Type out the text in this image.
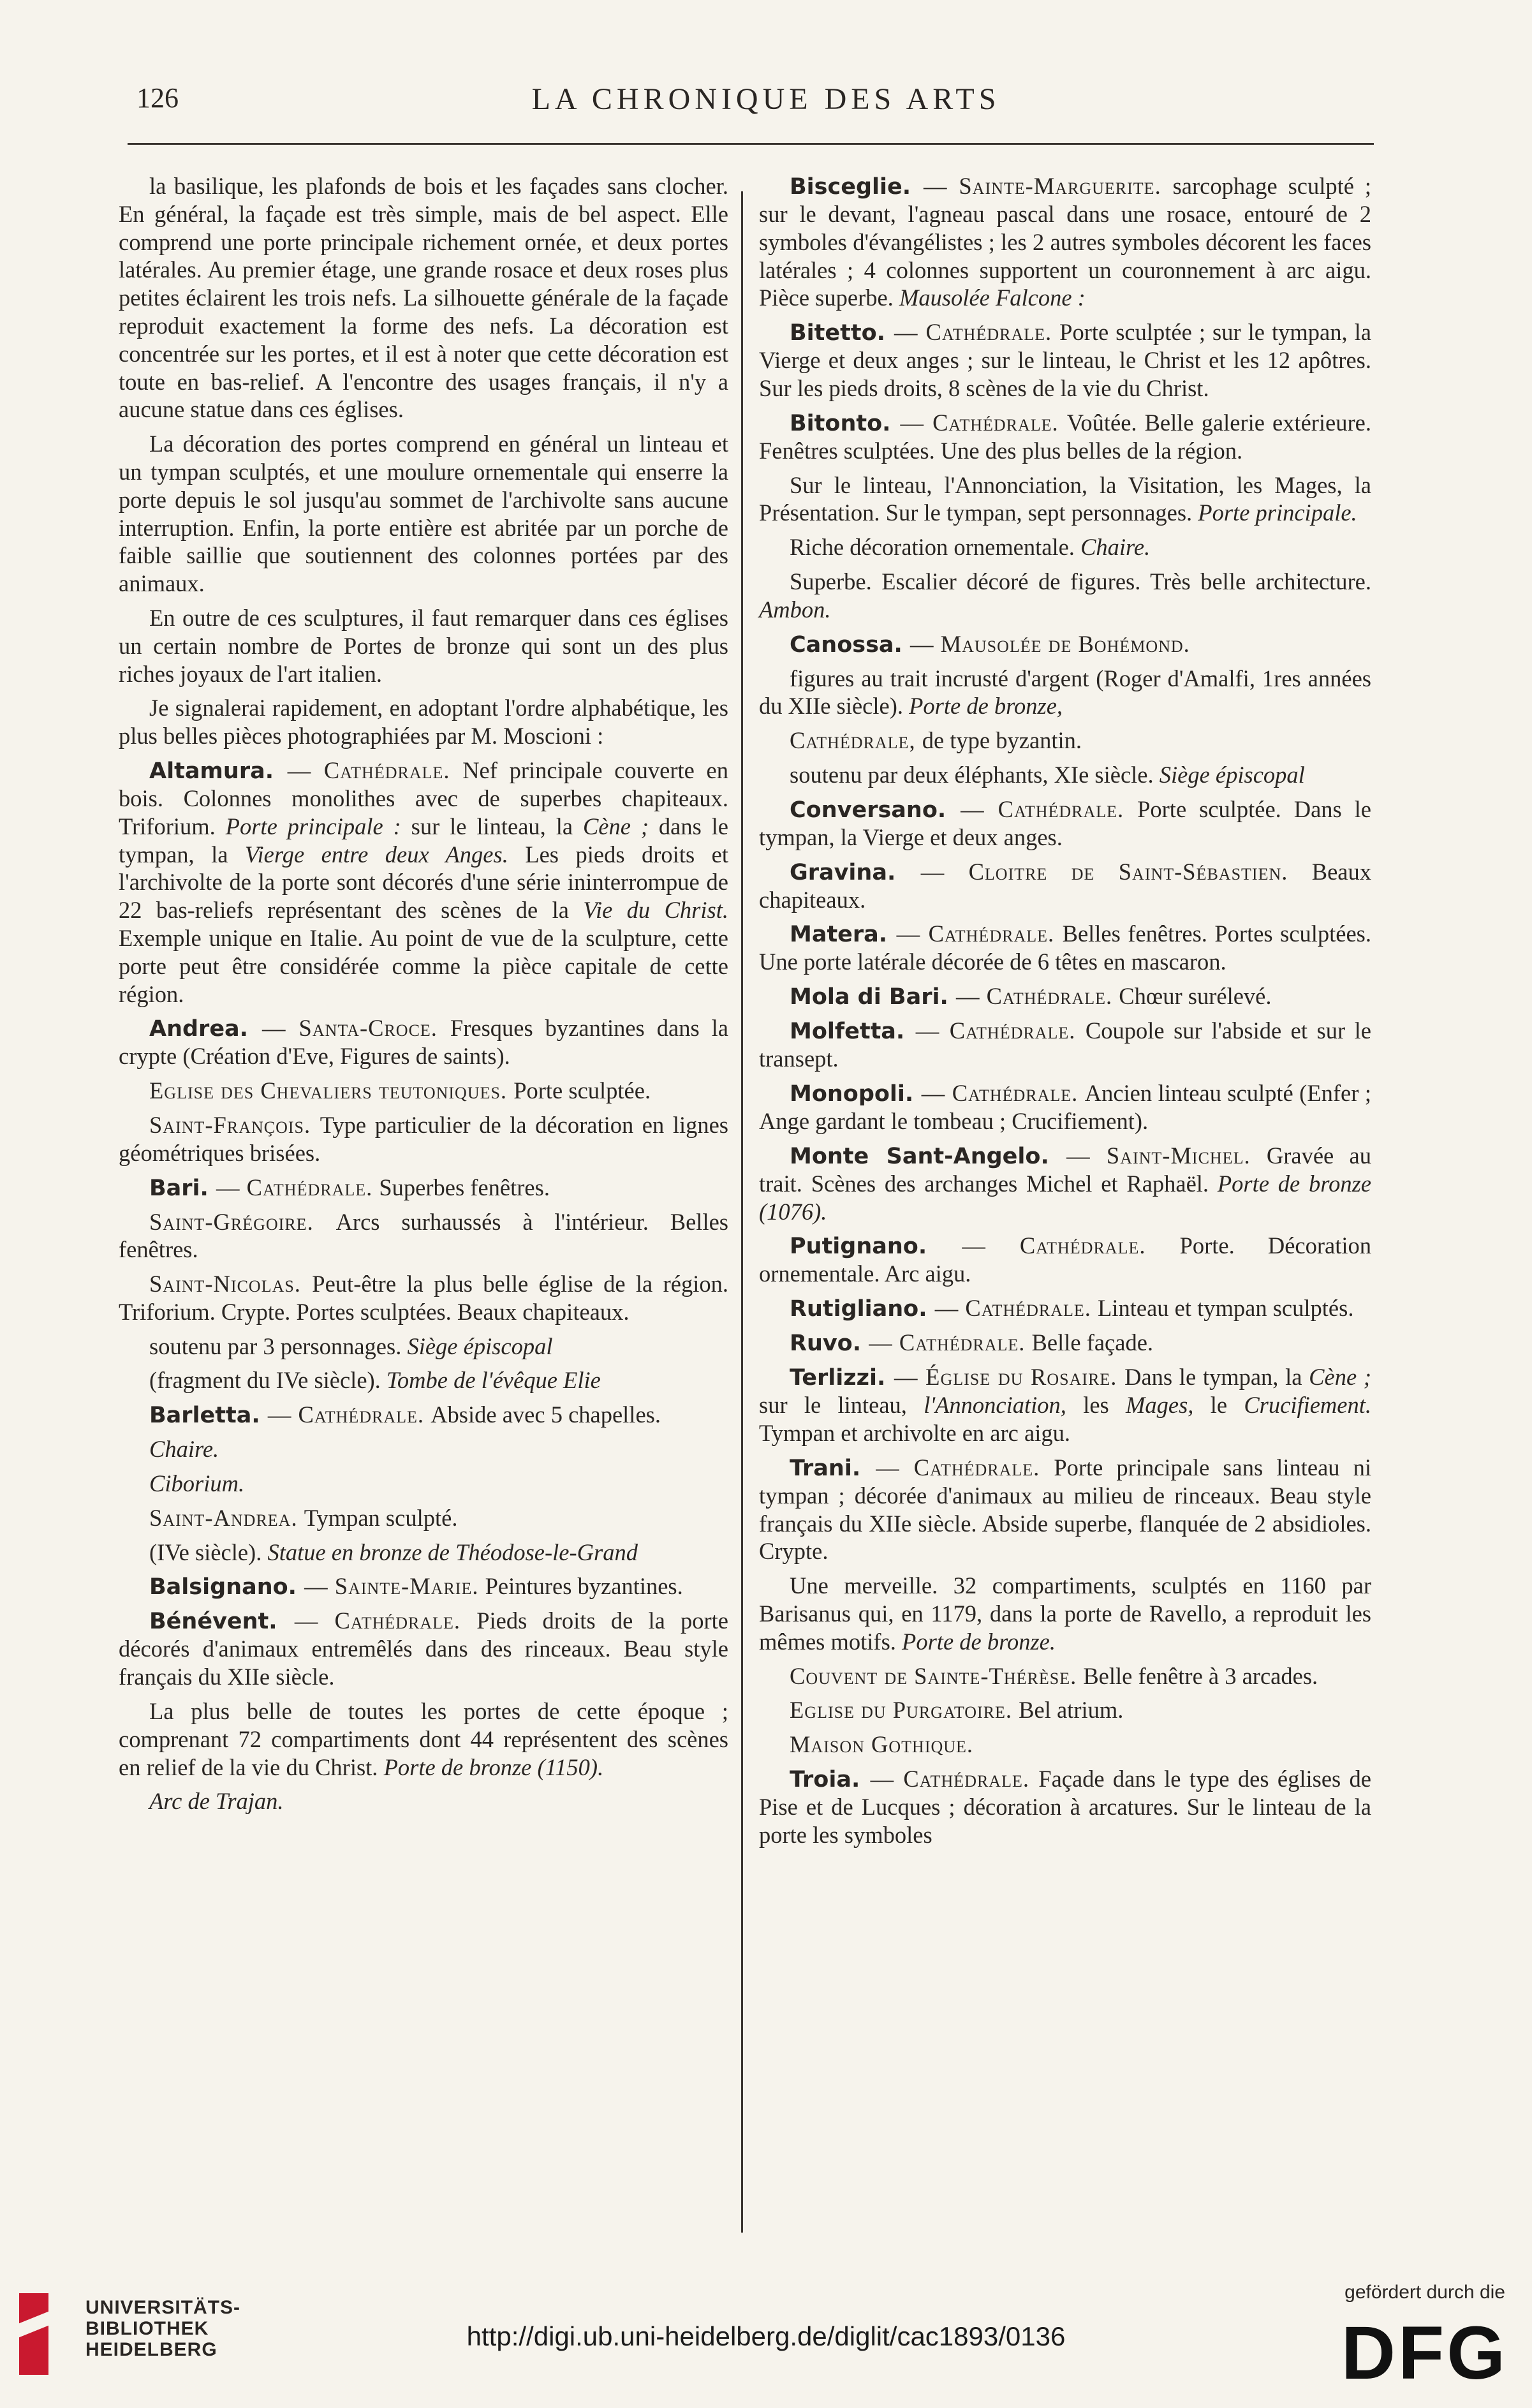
126	LA CHRONIQUE DES ARTS

la basilique, les plafonds de bois et les façades sans clocher. En général, la façade est très simple, mais de bel aspect. Elle comprend une porte principale richement ornée, et deux portes latérales. Au premier étage, une grande rosace et deux roses plus petites éclairent les trois nefs. La silhouette générale de la façade reproduit exactement la forme des nefs. La décoration est concentrée sur les portes, et il est à noter que cette décoration est toute en bas-relief. A l'encontre des usages français, il n'y a aucune statue dans ces églises.

La décoration des portes comprend en général un linteau et un tympan sculptés, et une moulure ornementale qui enserre la porte depuis le sol jusqu'au sommet de l'archivolte sans aucune interruption. Enfin, la porte entière est abritée par un porche de faible saillie que soutiennent des colonnes portées par des animaux.

En outre de ces sculptures, il faut remarquer dans ces églises un certain nombre de Portes de bronze qui sont un des plus riches joyaux de l'art italien.

Je signalerai rapidement, en adoptant l'ordre alphabétique, les plus belles pièces photographiées par M. Moscioni :

Altamura. — Cathédrale. Nef principale couverte en bois. Colonnes monolithes avec de superbes chapiteaux. Triforium. Porte principale : sur le linteau, la Cène ; dans le tympan, la Vierge entre deux Anges. Les pieds droits et l'archivolte de la porte sont décorés d'une série ininterrompue de 22 bas-reliefs représentant des scènes de la Vie du Christ. Exemple unique en Italie. Au point de vue de la sculpture, cette porte peut être considérée comme la pièce capitale de cette région.

Andrea. — Santa-Croce. Fresques byzantines dans la crypte (Création d'Eve, Figures de saints).

Eglise des Chevaliers teutoniques. Porte sculptée.

Saint-François. Type particulier de la décoration en lignes géométriques brisées.

Bari. — Cathédrale. Superbes fenêtres.

Saint-Grégoire. Arcs surhaussés à l'intérieur. Belles fenêtres.

Saint-Nicolas. Peut-être la plus belle église de la région. Triforium. Crypte. Portes sculptées. Beaux chapiteaux.

soutenu par 3 personnages. Siège épiscopal

(fragment du IVe siècle). Tombe de l'évêque Elie

Barletta. — Cathédrale. Abside avec 5 chapelles.

Chaire.

Ciborium.

Saint-Andrea. Tympan sculpté.

(IVe siècle). Statue en bronze de Théodose-le-Grand

Balsignano. — Sainte-Marie. Peintures byzantines.

Bénévent. — Cathédrale. Pieds droits de la porte décorés d'animaux entremêlés dans des rinceaux. Beau style français du XIIe siècle.

La plus belle de toutes les portes de cette époque ; comprenant 72 compartiments dont 44 représentent des scènes en relief de la vie du Christ. Porte de bronze (1150).

Arc de Trajan.

Bisceglie. — Sainte-Marguerite. sarcophage sculpté ; sur le devant, l'agneau pascal dans une rosace, entouré de 2 symboles d'évangélistes ; les 2 autres symboles décorent les faces latérales ; 4 colonnes supportent un couronnement à arc aigu. Pièce superbe. Mausolée Falcone :

Bitetto. — Cathédrale. Porte sculptée ; sur le tympan, la Vierge et deux anges ; sur le linteau, le Christ et les 12 apôtres. Sur les pieds droits, 8 scènes de la vie du Christ.

Bitonto. — Cathédrale. Voûtée. Belle galerie extérieure. Fenêtres sculptées. Une des plus belles de la région.

Sur le linteau, l'Annonciation, la Visitation, les Mages, la Présentation. Sur le tympan, sept personnages. Porte principale.

Riche décoration ornementale. Chaire.

Superbe. Escalier décoré de figures. Très belle architecture. Ambon.

Canossa. — Mausolée de Bohémond.

figures au trait incrusté d'argent (Roger d'Amalfi, 1res années du XIIe siècle). Porte de bronze,

Cathédrale, de type byzantin.

soutenu par deux éléphants, XIe siècle. Siège épiscopal

Conversano. — Cathédrale. Porte sculptée. Dans le tympan, la Vierge et deux anges.

Gravina. — Cloitre de Saint-Sébastien. Beaux chapiteaux.

Matera. — Cathédrale. Belles fenêtres. Portes sculptées. Une porte latérale décorée de 6 têtes en mascaron.

Mola di Bari. — Cathédrale. Chœur surélevé.

Molfetta. — Cathédrale. Coupole sur l'abside et sur le transept.

Monopoli. — Cathédrale. Ancien linteau sculpté (Enfer ; Ange gardant le tombeau ; Crucifiement).

Monte Sant-Angelo. — Saint-Michel. Gravée au trait. Scènes des archanges Michel et Raphaël. Porte de bronze (1076).

Putignano. — Cathédrale. Porte. Décoration ornementale. Arc aigu.

Rutigliano. — Cathédrale. Linteau et tympan sculptés.

Ruvo. — Cathédrale. Belle façade.

Terlizzi. — Église du Rosaire. Dans le tympan, la Cène ; sur le linteau, l'Annonciation, les Mages, le Crucifiement. Tympan et archivolte en arc aigu.

Trani. — Cathédrale. Porte principale sans linteau ni tympan ; décorée d'animaux au milieu de rinceaux. Beau style français du XIIe siècle. Abside superbe, flanquée de 2 absidioles. Crypte.

Une merveille. 32 compartiments, sculptés en 1160 par Barisanus qui, en 1179, dans la porte de Ravello, a reproduit les mêmes motifs. Porte de bronze.

Couvent de Sainte-Thérèse. Belle fenêtre à 3 arcades.

Eglise du Purgatoire. Bel atrium.

Maison Gothique.

Troia. — Cathédrale. Façade dans le type des églises de Pise et de Lucques ; décoration à arcatures. Sur le linteau de la porte les symboles

UNIVERSITÄTS-
BIBLIOTHEK
HEIDELBERG	http://digi.ub.uni-heidelberg.de/diglit/cac1893/0136
gefördert durch die
DFG
